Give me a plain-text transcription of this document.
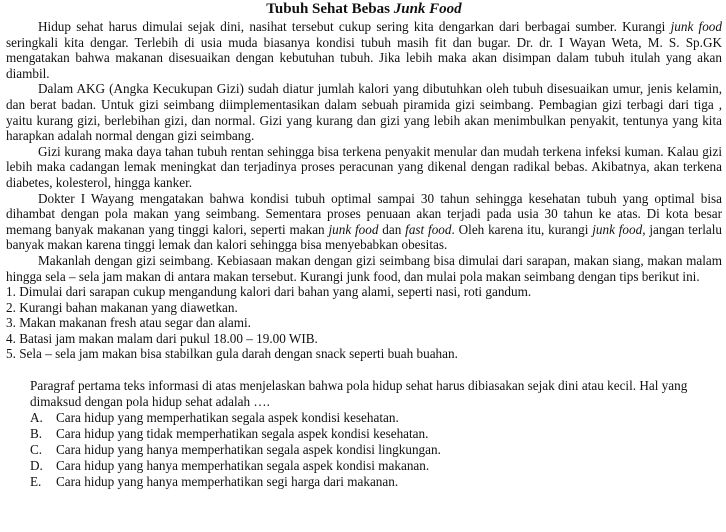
Tubuh Sehat Bebas Junk Food

Hidup sehat harus dimulai sejak dini, nasihat tersebut cukup sering kita dengarkan dari berbagai sumber. Kurangi junk food seringkali kita dengar. Terlebih di usia muda biasanya kondisi tubuh masih fit dan bugar. Dr. dr. I Wayan Weta, M. S. Sp.GK mengatakan bahwa makanan disesuaikan dengan kebutuhan tubuh. Jika lebih maka akan disimpan dalam tubuh itulah yang akan diambil.

Dalam AKG (Angka Kecukupan Gizi) sudah diatur jumlah kalori yang dibutuhkan oleh tubuh disesuaikan umur, jenis kelamin, dan berat badan. Untuk gizi seimbang diimplementasikan dalam sebuah piramida gizi seimbang. Pembagian gizi terbagi dari tiga , yaitu kurang gizi, berlebihan gizi, dan normal. Gizi yang kurang dan gizi yang lebih akan menimbulkan penyakit, tentunya yang kita harapkan adalah normal dengan gizi seimbang.

Gizi kurang maka daya tahan tubuh rentan sehingga bisa terkena penyakit menular dan mudah terkena infeksi kuman. Kalau gizi lebih maka cadangan lemak meningkat dan terjadinya proses peracunan yang dikenal dengan radikal bebas. Akibatnya, akan terkena diabetes, kolesterol, hingga kanker.

Dokter I Wayang mengatakan bahwa kondisi tubuh optimal sampai 30 tahun sehingga kesehatan tubuh yang optimal bisa dihambat dengan pola makan yang seimbang. Sementara proses penuaan akan terjadi pada usia 30 tahun ke atas. Di kota besar memang banyak makanan yang tinggi kalori, seperti makan junk food dan fast food. Oleh karena itu, kurangi junk food, jangan terlalu banyak makan karena tinggi lemak dan kalori sehingga bisa menyebabkan obesitas.

Makanlah dengan gizi seimbang. Kebiasaan makan dengan gizi seimbang bisa dimulai dari sarapan, makan siang, makan malam hingga sela – sela jam makan di antara makan tersebut. Kurangi junk food, dan mulai pola makan seimbang dengan tips berikut ini.

1. Dimulai dari sarapan cukup mengandung kalori dari bahan yang alami, seperti nasi, roti gandum.
2. Kurangi bahan makanan yang diawetkan.
3. Makan makanan fresh atau segar dan alami.
4. Batasi jam makan malam dari pukul 18.00 – 19.00 WIB.
5. Sela – sela jam makan bisa stabilkan gula darah dengan snack seperti buah buahan.

Paragraf pertama teks informasi di atas menjelaskan bahwa pola hidup sehat harus dibiasakan sejak dini atau kecil. Hal yang dimaksud dengan pola hidup sehat adalah ….

A. Cara hidup yang memperhatikan segala aspek kondisi kesehatan.
B.	Cara hidup yang tidak memperhatikan segala aspek kondisi kesehatan.
C.	Cara hidup yang hanya memperhatikan segala aspek kondisi lingkungan.
D. Cara hidup yang hanya memperhatikan segala aspek kondisi makanan.
E.	Cara hidup yang hanya memperhatikan segi harga dari makanan.
